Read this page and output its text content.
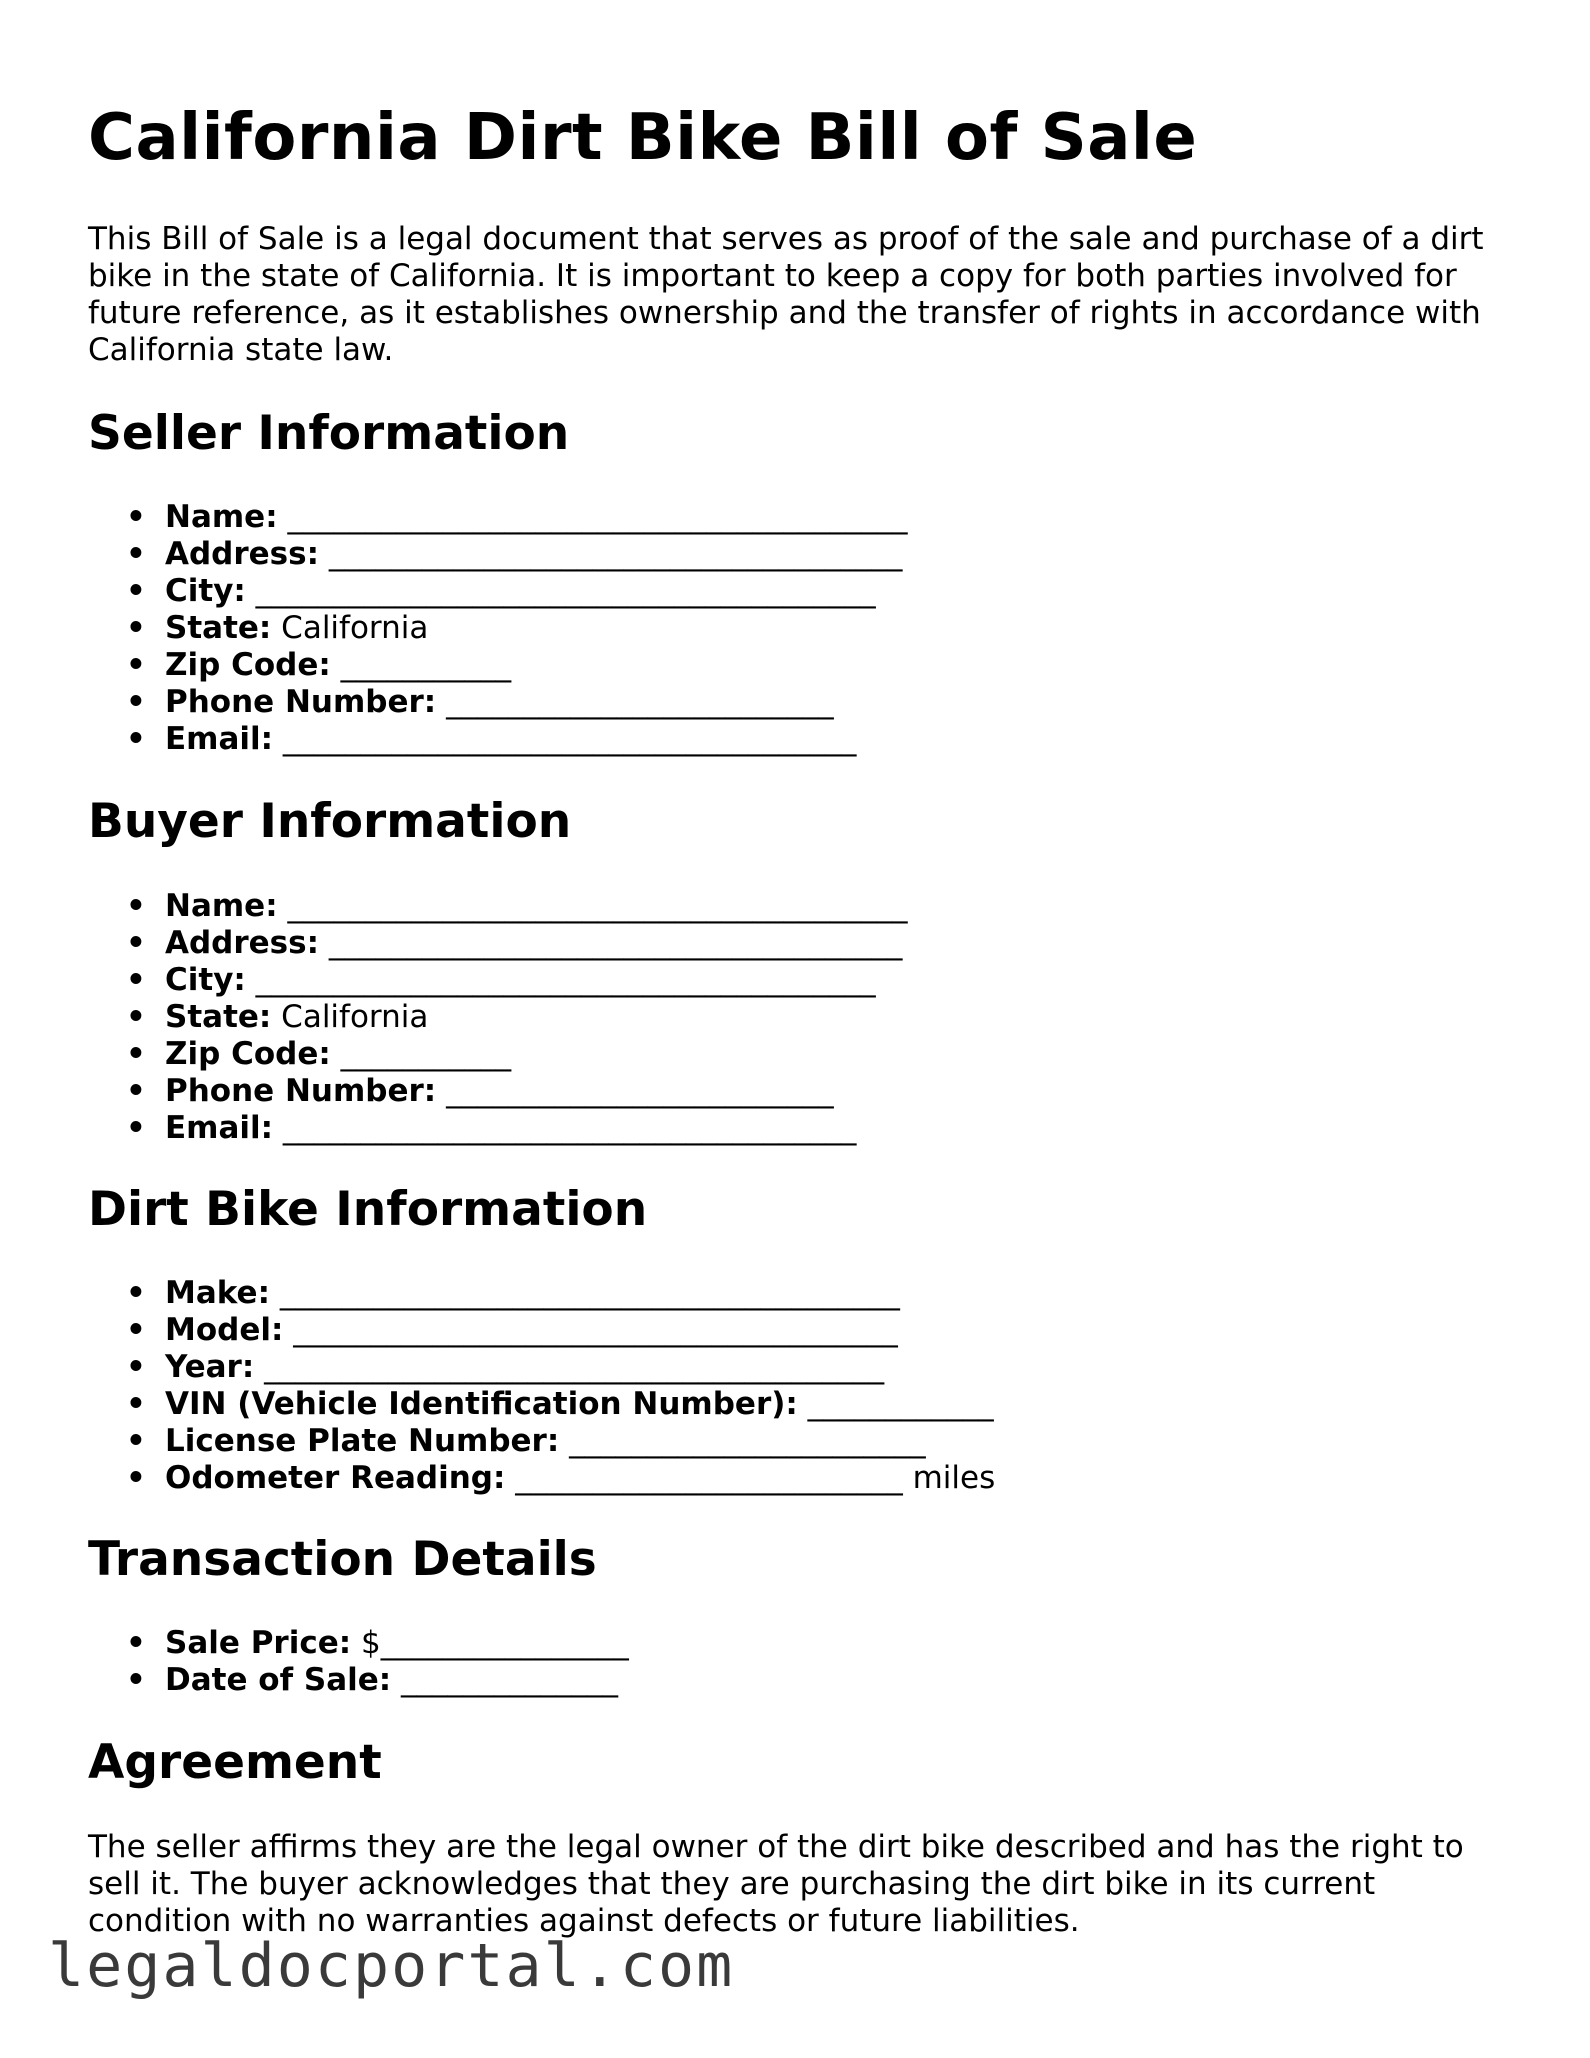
California Dirt Bike Bill of Sale

This Bill of Sale is a legal document that serves as proof of the sale and purchase of a dirt bike in the state of California. It is important to keep a copy for both parties involved for future reference, as it establishes ownership and the transfer of rights in accordance with California state law.

Seller Information
• Name: ________________________________________
• Address: _____________________________________
• City: ________________________________________
• State: California
• Zip Code: ___________
• Phone Number: _________________________
• Email: _____________________________________
Buyer Information
• Name: ________________________________________
• Address: _____________________________________
• City: ________________________________________
• State: California
• Zip Code: ___________
• Phone Number: _________________________
• Email: _____________________________________
Dirt Bike Information
• Make: ________________________________________
• Model: _______________________________________
• Year: ________________________________________
• VIN (Vehicle Identification Number): ____________
• License Plate Number: _______________________
• Odometer Reading: _________________________ miles
Transaction Details
• Sale Price: $________________
• Date of Sale: ______________
Agreement

The seller affirms they are the legal owner of the dirt bike described and has the right to sell it. The buyer acknowledges that they are purchasing the dirt bike in its current condition with no warranties against defects or future liabilities.

legaldocportal.com
